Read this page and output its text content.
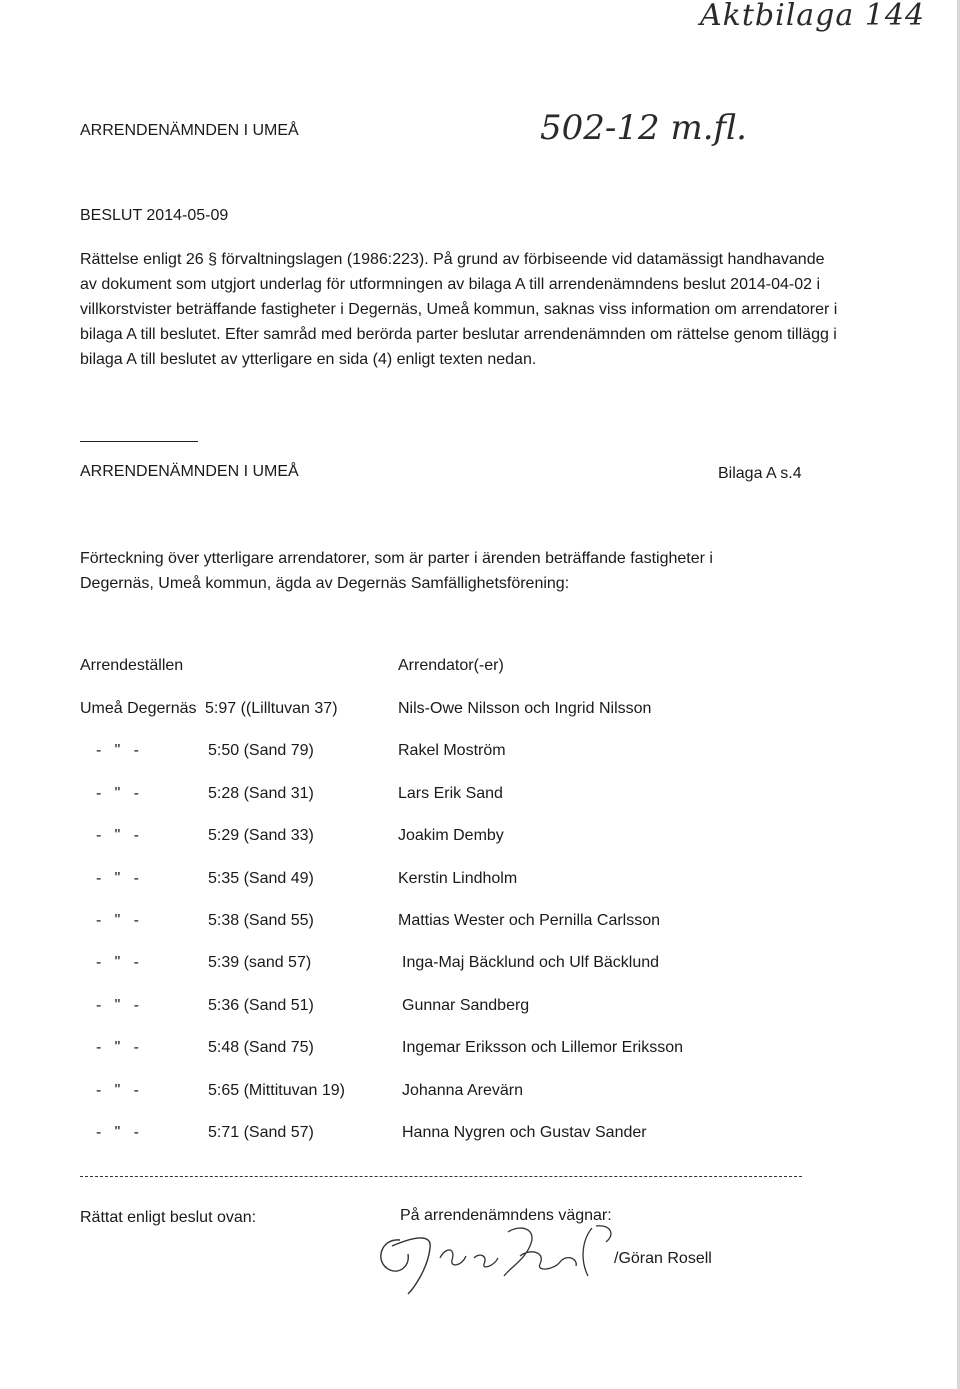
Aktbilaga 144
502-12 m.fl.
ARRENDENÄMNDEN I UMEÅ
BESLUT 2014-05-09
Rättelse enligt 26 § förvaltningslagen (1986:223). På grund av förbiseende vid datamässigt handhavande av dokument som utgjort underlag för utformningen av bilaga A till arrendenämndens beslut 2014-04-02 i villkorstvister beträffande fastigheter i Degernäs, Umeå kommun, saknas viss information om arrendatorer i bilaga A till beslutet. Efter samråd med berörda parter beslutar arrendenämnden om rättelse genom tillägg i bilaga A till beslutet av ytterligare en sida (4) enligt texten nedan.
ARRENDENÄMNDEN I UMEÅ	Bilaga A s.4
Förteckning över ytterligare arrendatorer, som är parter i ärenden beträffande fastigheter i Degernäs, Umeå kommun, ägda av Degernäs Samfällighetsförening:
Arrendeställen	Arrendator(-er)
Umeå Degernäs 5:97 ((Lilltuvan 37)	Nils-Owe Nilsson och Ingrid Nilsson
-   "   -	5:50 (Sand 79)	Rakel Moström
-   "   -	5:28 (Sand 31)	Lars Erik Sand
-   "   -	5:29 (Sand 33)	Joakim Demby
-   "   -	5:35 (Sand 49)	Kerstin Lindholm
-   "   -	5:38 (Sand 55)	Mattias Wester och Pernilla Carlsson
-   "   -	5:39 (sand 57)	Inga-Maj Bäcklund och Ulf Bäcklund
-   "   -	5:36 (Sand 51)	Gunnar Sandberg
-   "   -	5:48 (Sand 75)	Ingemar Eriksson och Lillemor Eriksson
-   "   -	5:65 (Mittituvan 19)	Johanna Arevärn
-   "   -	5:71 (Sand 57)	Hanna Nygren och Gustav Sander
Rättat enligt beslut ovan:	På arrendenämndens vägnar:
/Göran Rosell
